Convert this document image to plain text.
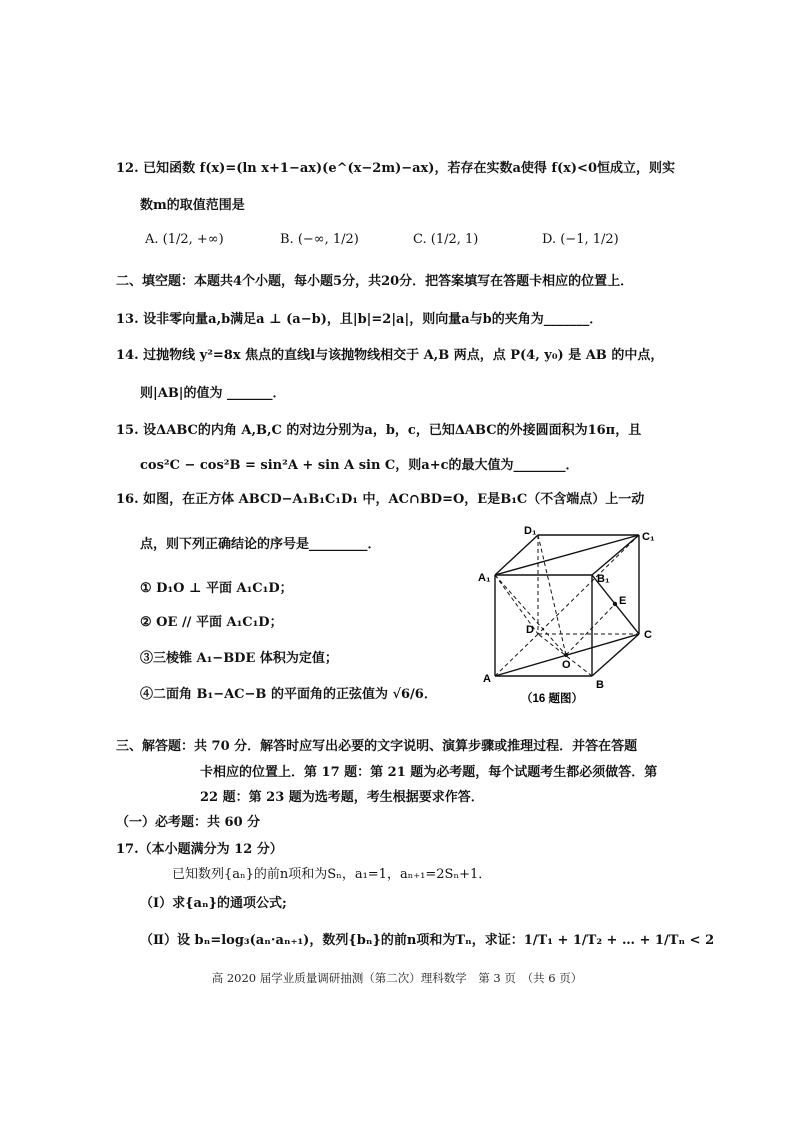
12. 已知函数 f(x)=(ln x+1−ax)(e^(x−2m)−ax)，若存在实数a使得 f(x)<0恒成立，则实
数m的取值范围是
A. (1/2, +∞)	B. (−∞, 1/2)	C. (1/2, 1)	D. (−1, 1/2)
二、填空题：本题共4个小题，每小题5分，共20分．把答案填写在答题卡相应的位置上．
13. 设非零向量a,b满足a ⊥ (a−b)，且|b|=2|a|，则向量a与b的夹角为_______．
14. 过抛物线 y²=8x 焦点的直线l与该抛物线相交于 A,B 两点，点 P(4, y₀) 是 AB 的中点，
则|AB|的值为 _______．
15. 设ΔABC的内角 A,B,C 的对边分别为a，b，c，已知ΔABC的外接圆面积为16π，且
cos²C − cos²B = sin²A + sin A sin C，则a+c的最大值为________．
16. 如图，在正方体 ABCD−A₁B₁C₁D₁ 中，AC∩BD=O，E是B₁C（不含端点）上一动
点，则下列正确结论的序号是_________．
① D₁O ⊥ 平面 A₁C₁D；
② OE // 平面 A₁C₁D；
③三棱锥 A₁−BDE 体积为定值；
④二面角 B₁−AC−B 的平面角的正弦值为 √6/6．
D₁	C₁
A₁	B₁
E
D	C
O
A	B
（16 题图）
三、解答题：共 70 分．解答时应写出必要的文字说明、演算步骤或推理过程．并答在答题
卡相应的位置上．第 17 题：第 21 题为必考题，每个试题考生都必须做答．第
22 题：第 23 题为选考题，考生根据要求作答．
（一）必考题：共 60 分
17.（本小题满分为 12 分）
已知数列{aₙ}的前n项和为Sₙ，a₁=1，aₙ₊₁=2Sₙ+1．
（Ⅰ）求{aₙ}的通项公式;
（Ⅱ）设 bₙ=log₃(aₙ·aₙ₊₁)，数列{bₙ}的前n项和为Tₙ，求证：1/T₁ + 1/T₂ + … + 1/Tₙ < 2
高 2020 届学业质量调研抽测（第二次）理科数学　第 3 页　（共 6 页）
